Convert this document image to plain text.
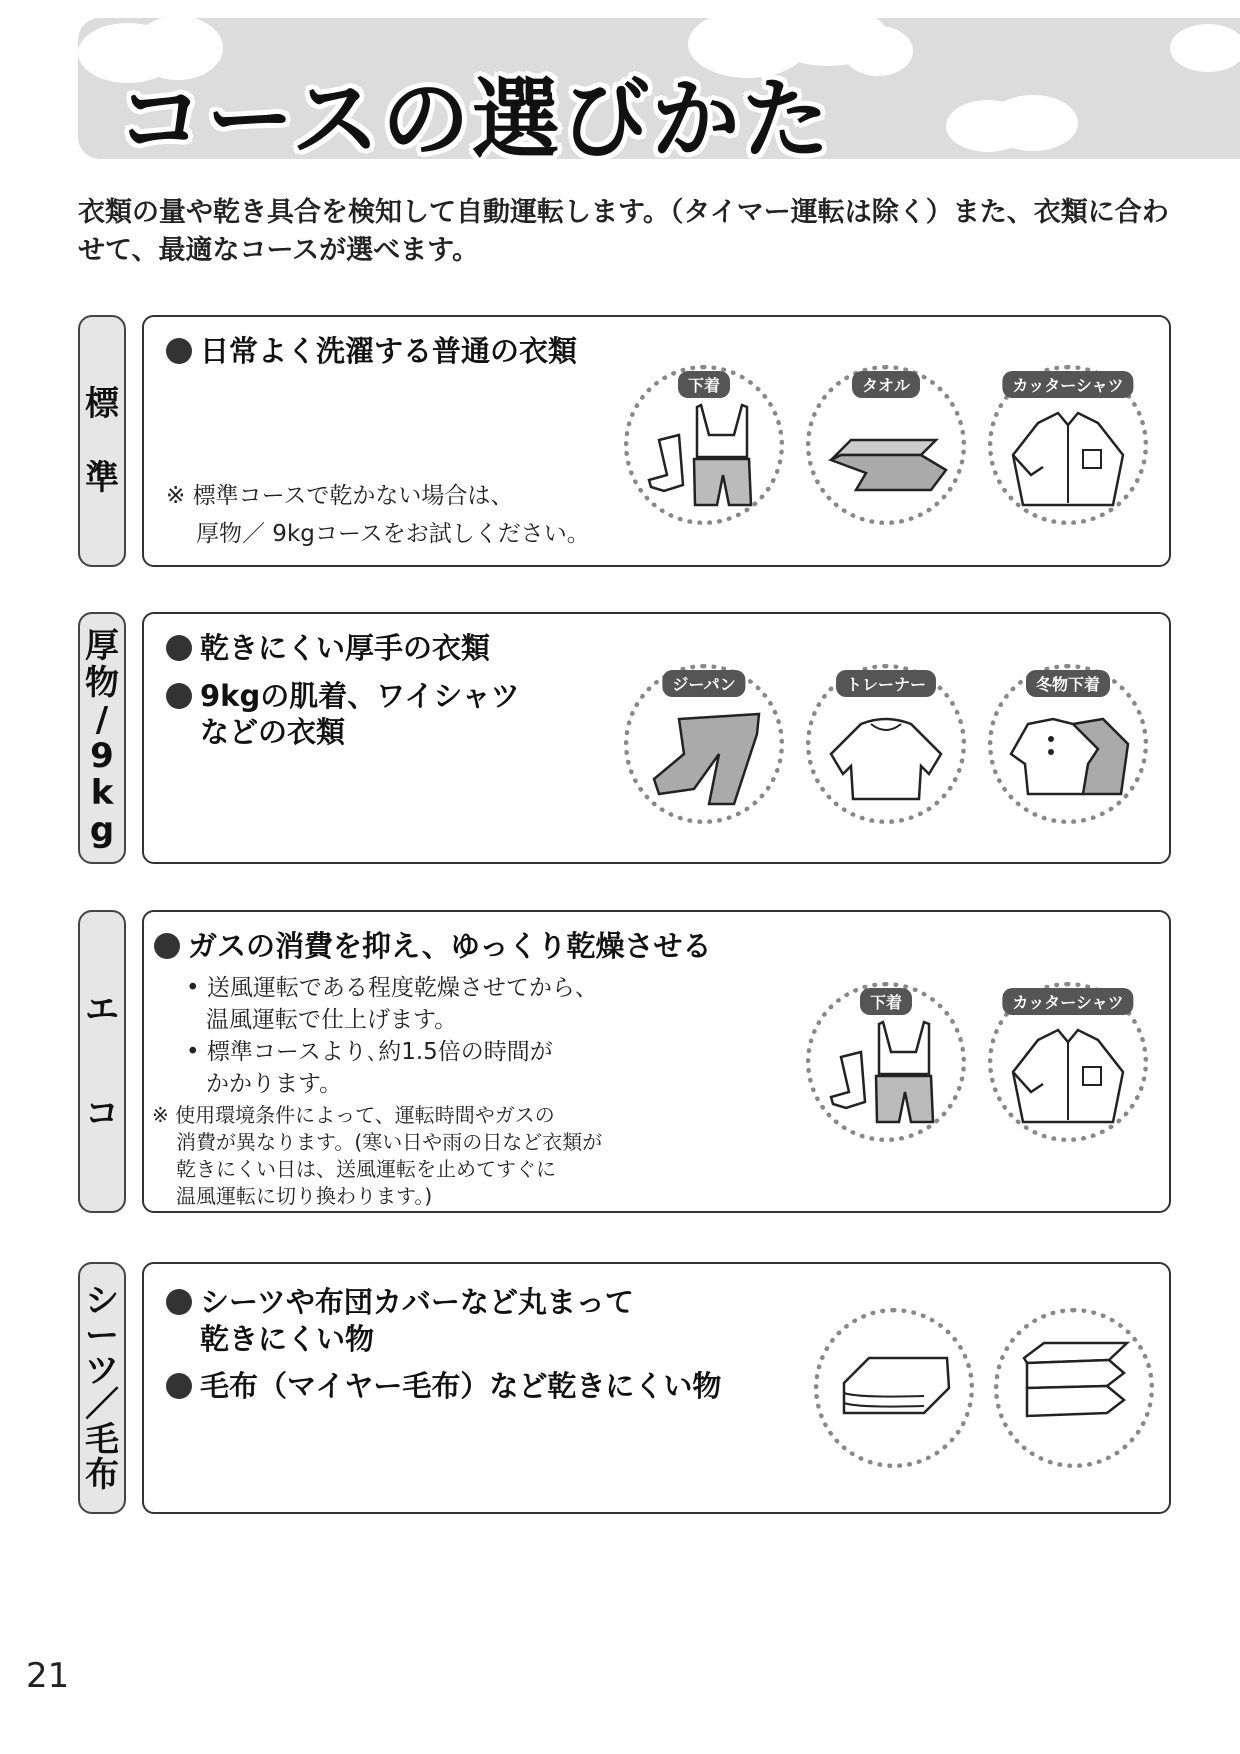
コースの選びかた
衣類の量や乾き具合を検知して自動運転します。（タイマー運転は除く）また、衣類に合わせて、最適なコースが選べます。
標
準
日常よく洗濯する普通の衣類
※ 標準コースで乾かない場合は、
厚物／ 9kgコースをお試しください。
下着	タオル	カッターシャツ
厚
物
/
9
k
g
乾きにくい厚手の衣類
9kgの肌着、ワイシャツ
などの衣類
ジーパン	トレーナー	冬物下着
エ
コ
ガスの消費を抑え、ゆっくり乾燥させる
• 送風運転である程度乾燥させてから、
温風運転で仕上げます。
• 標準コースより､約1.5倍の時間が
かかります。
※ 使用環境条件によって、運転時間やガスの
消費が異なります。(寒い日や雨の日など衣類が
乾きにくい日は、送風運転を止めてすぐに
温風運転に切り換わります。)
下着	カッターシャツ
シ
ー
ツ
／
毛
布
シーツや布団カバーなど丸まって
乾きにくい物
毛布（マイヤー毛布）など乾きにくい物
21
